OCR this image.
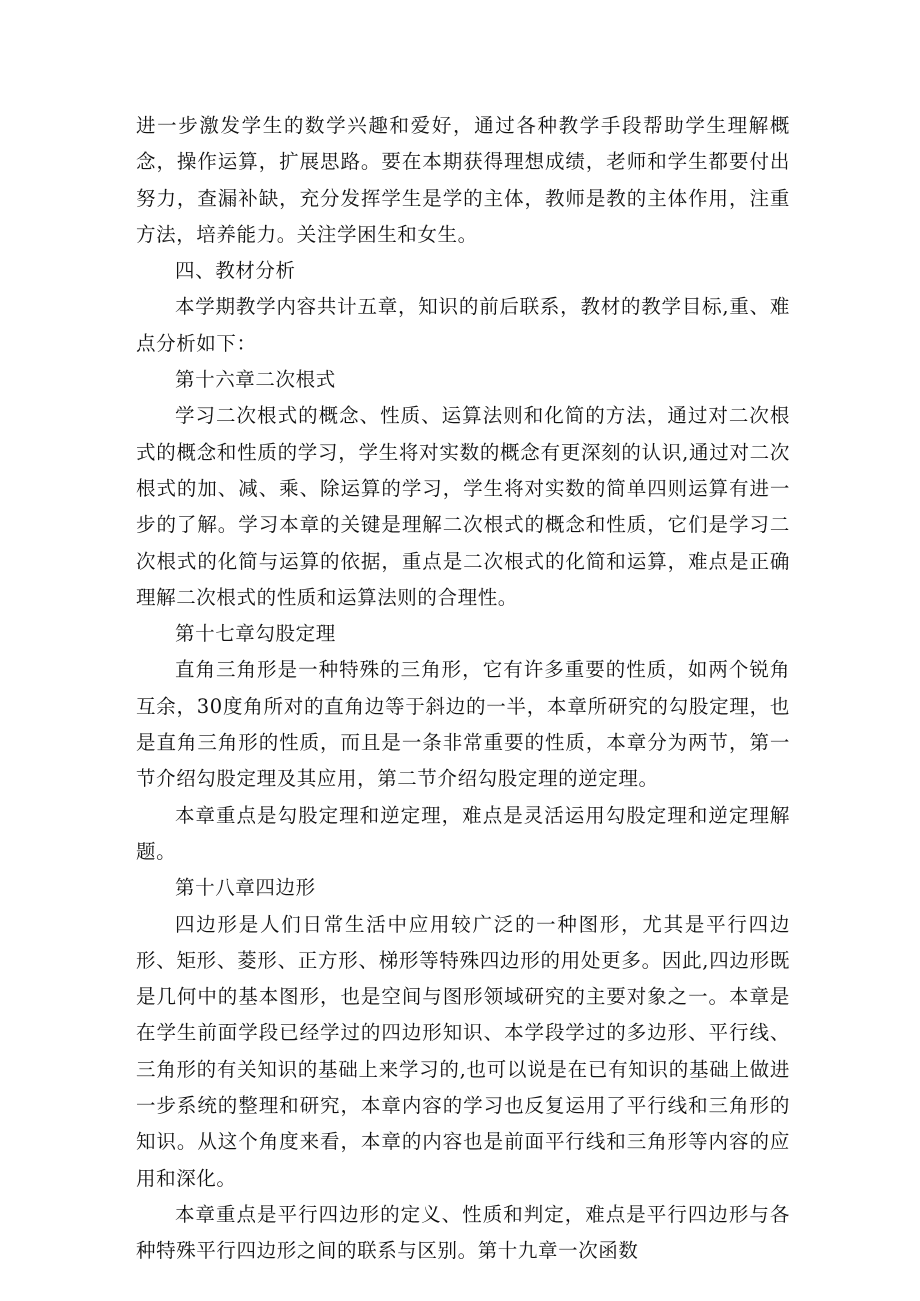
进一步激发学生的数学兴趣和爱好，通过各种教学手段帮助学生理解概念，操作运算，扩展思路。要在本期获得理想成绩，老师和学生都要付出努力，查漏补缺，充分发挥学生是学的主体，教师是教的主体作用，注重方法，培养能力。关注学困生和女生。

四、教材分析

本学期教学内容共计五章，知识的前后联系，教材的教学目标,重、难点分析如下：

第十六章二次根式

学习二次根式的概念、性质、运算法则和化简的方法，通过对二次根式的概念和性质的学习，学生将对实数的概念有更深刻的认识,通过对二次根式的加、减、乘、除运算的学习，学生将对实数的简单四则运算有进一步的了解。学习本章的关键是理解二次根式的概念和性质，它们是学习二次根式的化简与运算的依据，重点是二次根式的化简和运算，难点是正确理解二次根式的性质和运算法则的合理性。

第十七章勾股定理

直角三角形是一种特殊的三角形，它有许多重要的性质，如两个锐角互余，30度角所对的直角边等于斜边的一半，本章所研究的勾股定理，也是直角三角形的性质，而且是一条非常重要的性质，本章分为两节，第一节介绍勾股定理及其应用，第二节介绍勾股定理的逆定理。

本章重点是勾股定理和逆定理，难点是灵活运用勾股定理和逆定理解题。

第十八章四边形

四边形是人们日常生活中应用较广泛的一种图形，尤其是平行四边形、矩形、菱形、正方形、梯形等特殊四边形的用处更多。因此,四边形既是几何中的基本图形，也是空间与图形领域研究的主要对象之一。本章是在学生前面学段已经学过的四边形知识、本学段学过的多边形、平行线、三角形的有关知识的基础上来学习的,也可以说是在已有知识的基础上做进一步系统的整理和研究，本章内容的学习也反复运用了平行线和三角形的知识。从这个角度来看，本章的内容也是前面平行线和三角形等内容的应用和深化。

本章重点是平行四边形的定义、性质和判定，难点是平行四边形与各种特殊平行四边形之间的联系与区别。第十九章一次函数
